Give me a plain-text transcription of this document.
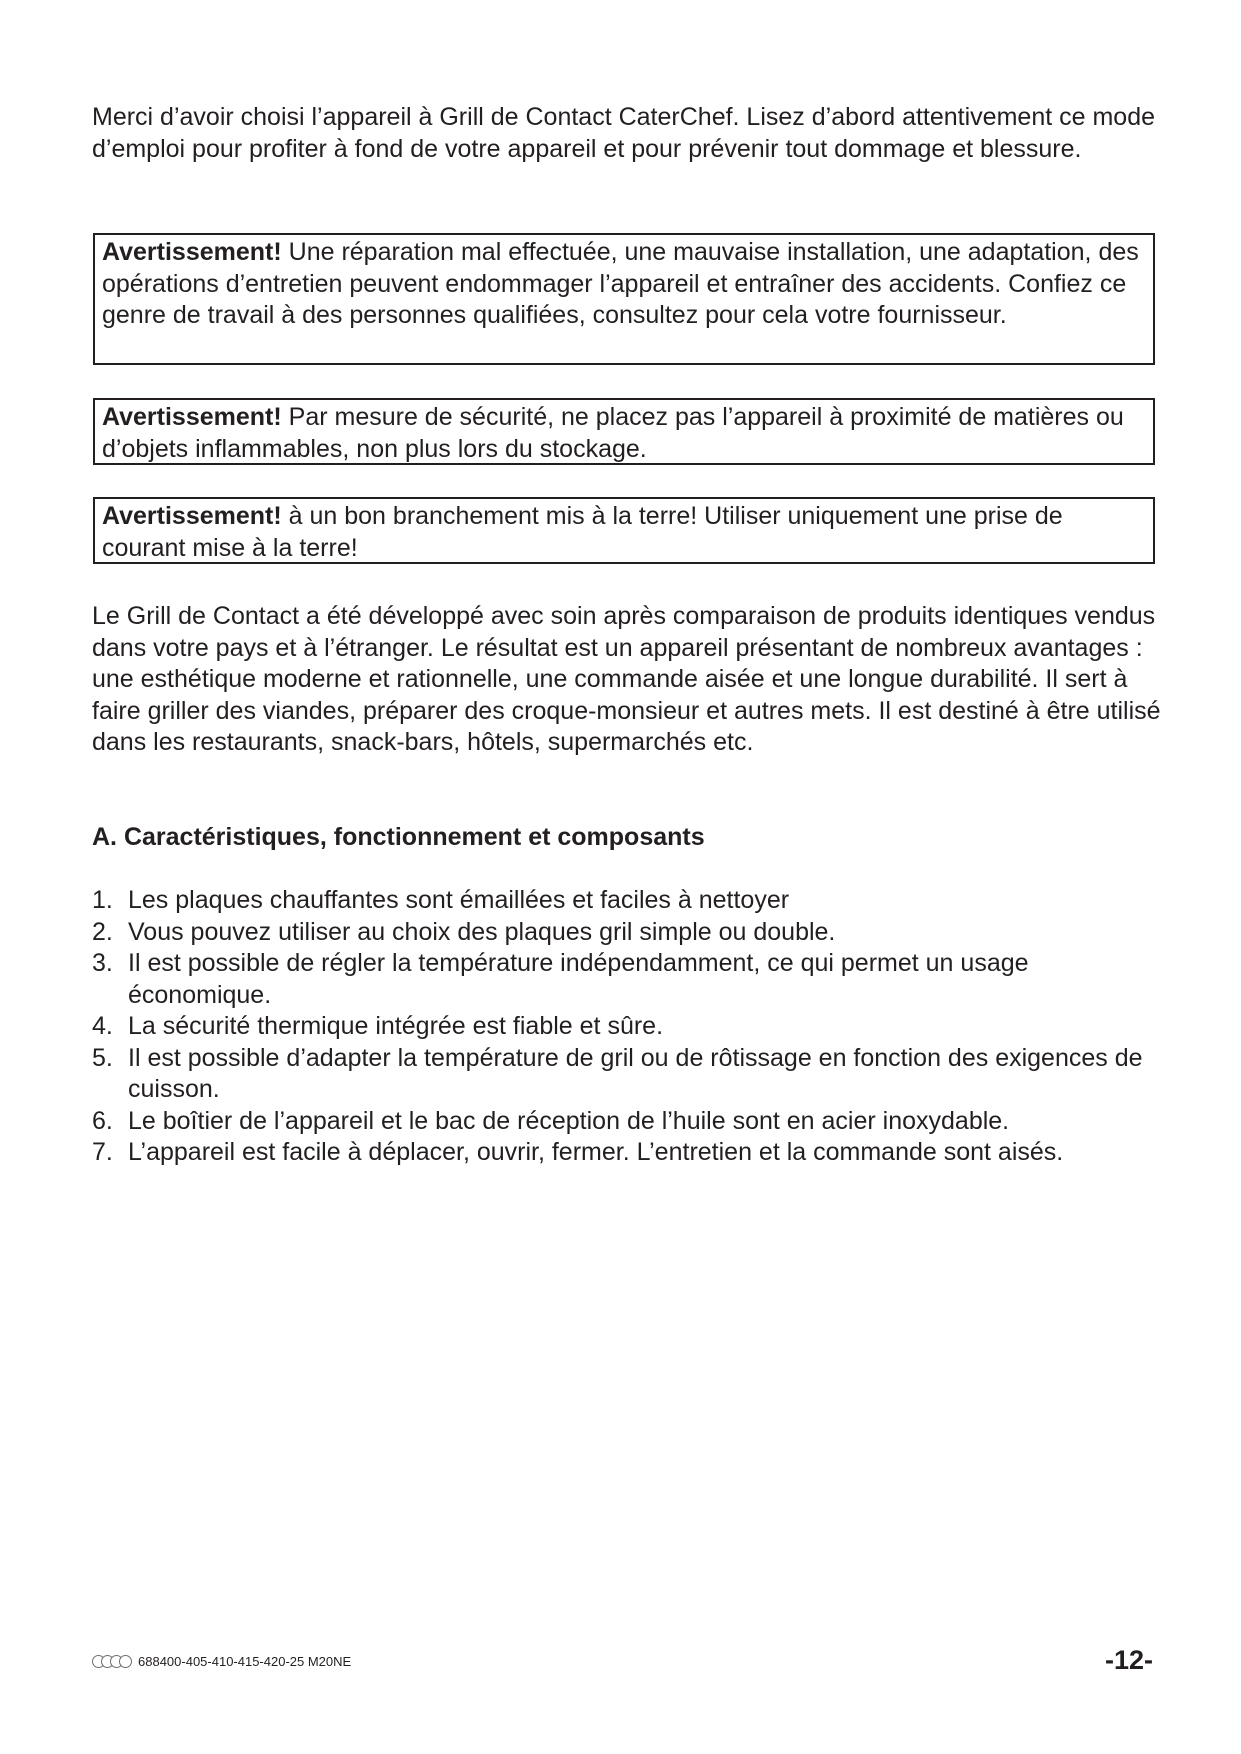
Merci d’avoir choisi l’appareil à Grill de Contact CaterChef. Lisez d’abord attentivement ce mode d’emploi pour profiter à fond de votre appareil et pour prévenir tout dommage et blessure.

Avertissement! Une réparation mal effectuée, une mauvaise installation, une adaptation, des opérations d’entretien peuvent endommager l’appareil et entraîner des accidents. Confiez ce genre de travail à des personnes qualifiées, consultez pour cela votre fournisseur.
Avertissement! Par mesure de sécurité, ne placez pas l’appareil à proximité de matières ou d’objets inflammables, non plus lors du stockage.
Avertissement! à un bon branchement mis à la terre! Utiliser uniquement une prise de courant mise à la terre!

Le Grill de Contact a été développé avec soin après comparaison de produits identiques vendus dans votre pays et à l’étranger. Le résultat est un appareil présentant de nombreux avantages : une esthétique moderne et rationnelle, une commande aisée et une longue durabilité. Il sert à faire griller des viandes, préparer des croque-monsieur et autres mets. Il est destiné à être utilisé dans les restaurants, snack-bars, hôtels, supermarchés etc.

A. Caractéristiques, fonctionnement et composants
1. Les plaques chauffantes sont émaillées et faciles à nettoyer
2. Vous pouvez utiliser au choix des plaques gril simple ou double.
3. Il est possible de régler la température indépendamment, ce qui permet un usage économique.
4. La sécurité thermique intégrée est fiable et sûre.
5. Il est possible d’adapter la température de gril ou de rôtissage en fonction des exigences de cuisson.
6. Le boîtier de l’appareil et le bac de réception de l’huile sont en acier inoxydable.
7. L’appareil est facile à déplacer, ouvrir, fermer. L’entretien et la commande sont aisés.
688400-405-410-415-420-25 M20NE	-12-
